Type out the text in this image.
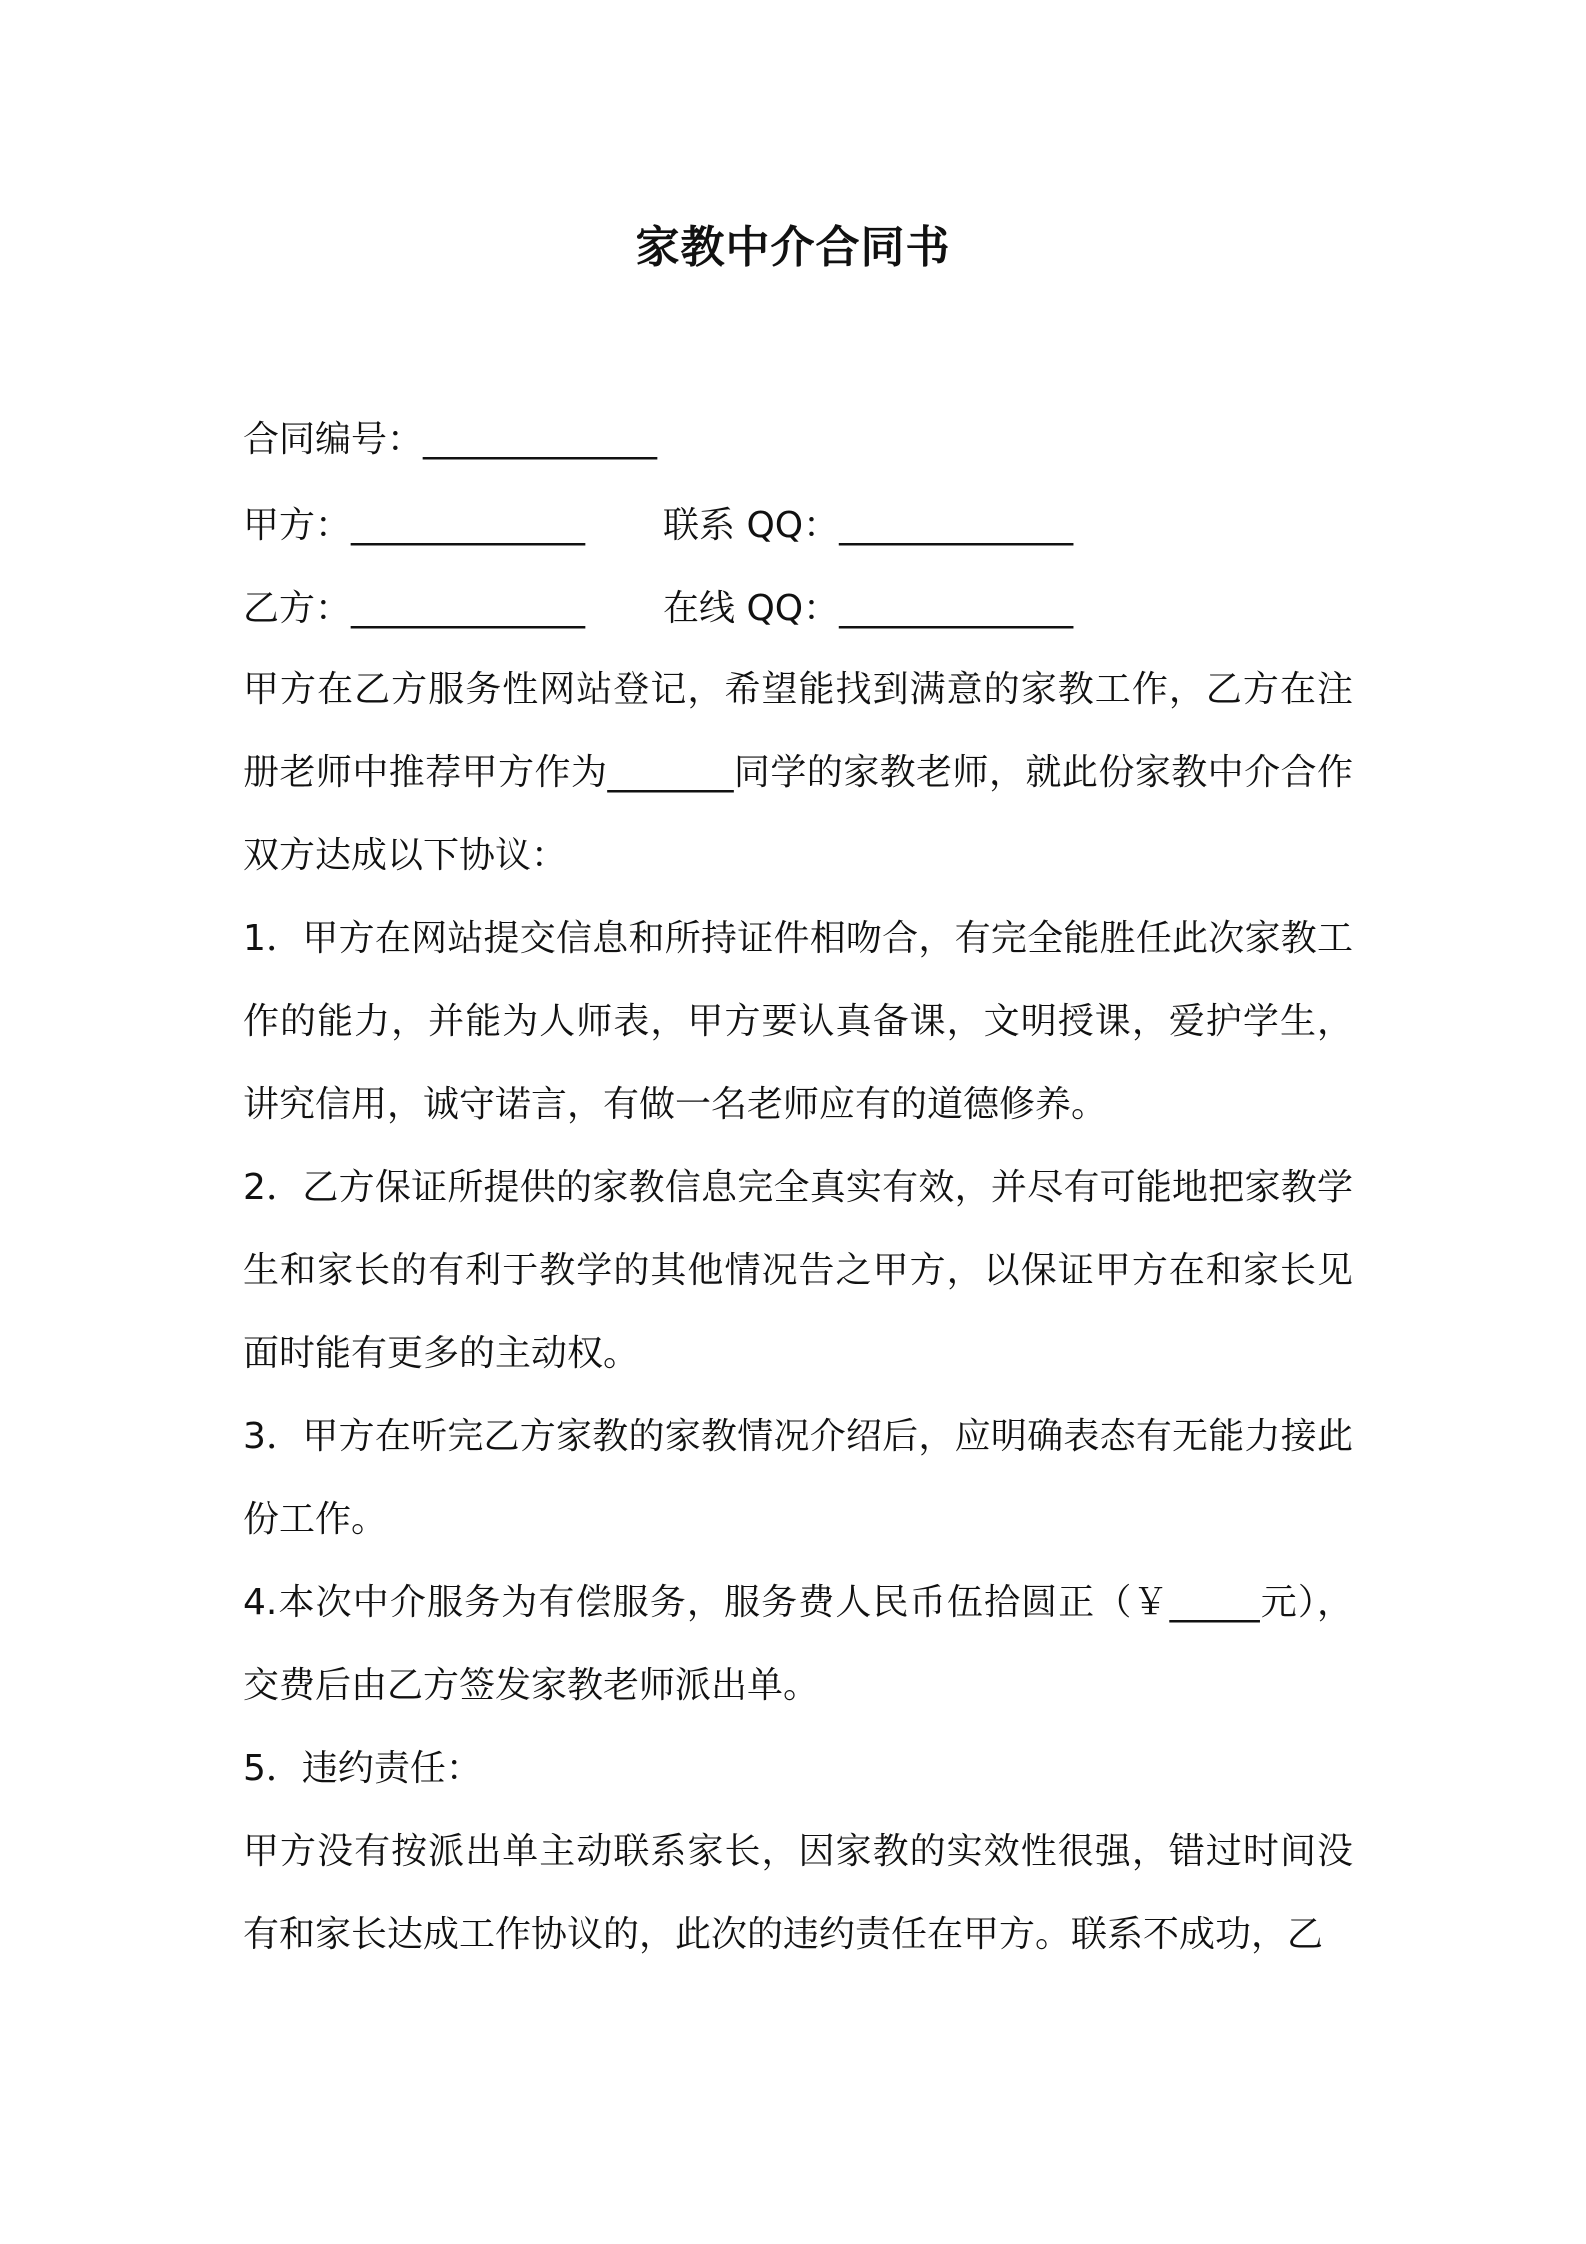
家教中介合同书
合同编号：_____________
甲方：_____________ 联系 QQ：_____________
乙方：_____________ 在线 QQ：_____________
甲方在乙方服务性网站登记，希望能找到满意的家教工作，乙方在注册老师中推荐甲方作为_______同学的家教老师，就此份家教中介合作双方达成以下协议：
1．甲方在网站提交信息和所持证件相吻合，有完全能胜任此次家教工作的能力，并能为人师表，甲方要认真备课，文明授课，爱护学生，讲究信用，诚守诺言，有做一名老师应有的道德修养。
2．乙方保证所提供的家教信息完全真实有效，并尽有可能地把家教学生和家长的有利于教学的其他情况告之甲方，以保证甲方在和家长见面时能有更多的主动权。
3．甲方在听完乙方家教的家教情况介绍后，应明确表态有无能力接此份工作。
4.本次中介服务为有偿服务，服务费人民币伍拾圆正（￥_____元），交费后由乙方签发家教老师派出单。
5．违约责任：
甲方没有按派出单主动联系家长，因家教的实效性很强，错过时间没有和家长达成工作协议的，此次的违约责任在甲方。联系不成功，乙
